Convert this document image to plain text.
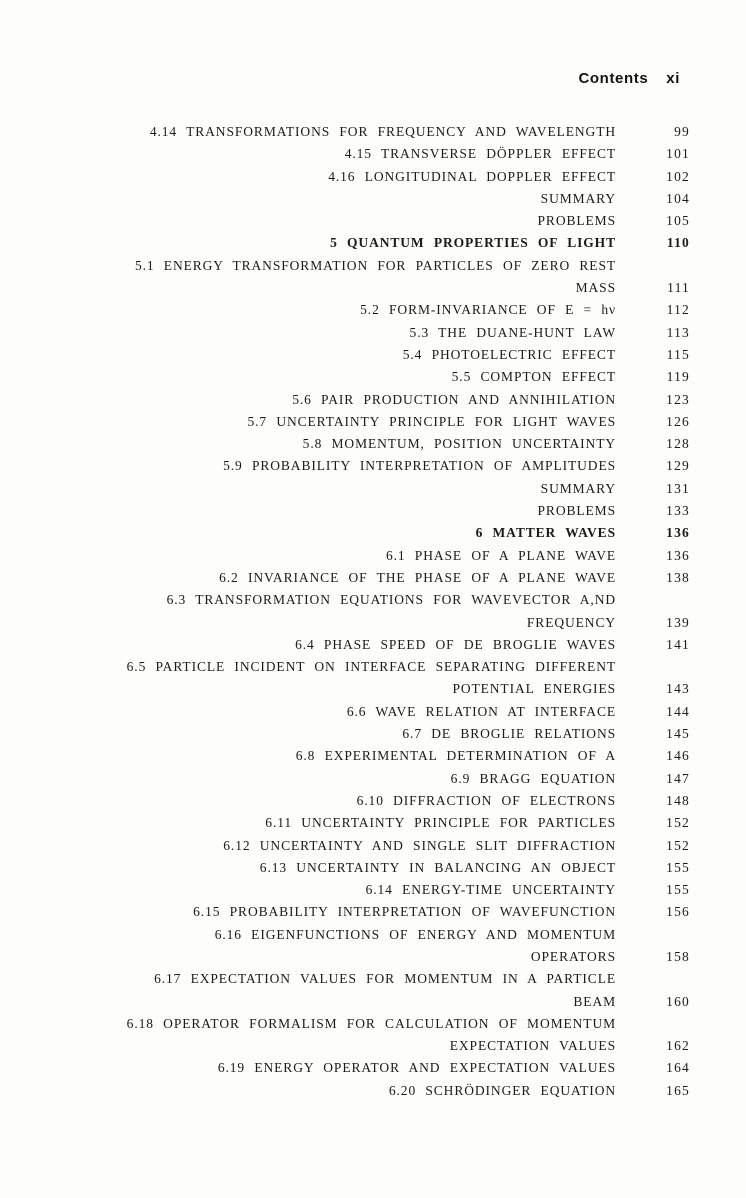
Contents xi
4.14 TRANSFORMATIONS FOR FREQUENCY AND WAVELENGTH	99
4.15 TRANSVERSE DÖPPLER EFFECT	101
4.16 LONGITUDINAL DOPPLER EFFECT	102
SUMMARY	104
PROBLEMS	105
5 QUANTUM PROPERTIES OF LIGHT	110
5.1 ENERGY TRANSFORMATION FOR PARTICLES OF ZERO REST
MASS	111
5.2 FORM-INVARIANCE OF E = hν	112
5.3 THE DUANE-HUNT LAW	113
5.4 PHOTOELECTRIC EFFECT	115
5.5 COMPTON EFFECT	119
5.6 PAIR PRODUCTION AND ANNIHILATION	123
5.7 UNCERTAINTY PRINCIPLE FOR LIGHT WAVES	126
5.8 MOMENTUM, POSITION UNCERTAINTY	128
5.9 PROBABILITY INTERPRETATION OF AMPLITUDES	129
SUMMARY	131
PROBLEMS	133
6 MATTER WAVES	136
6.1 PHASE OF A PLANE WAVE	136
6.2 INVARIANCE OF THE PHASE OF A PLANE WAVE	138
6.3 TRANSFORMATION EQUATIONS FOR WAVEVECTOR A,ND
FREQUENCY	139
6.4 PHASE SPEED OF DE BROGLIE WAVES	141
6.5 PARTICLE INCIDENT ON INTERFACE SEPARATING DIFFERENT
POTENTIAL ENERGIES	143
6.6 WAVE RELATION AT INTERFACE	144
6.7 DE BROGLIE RELATIONS	145
6.8 EXPERIMENTAL DETERMINATION OF A	146
6.9 BRAGG EQUATION	147
6.10 DIFFRACTION OF ELECTRONS	148
6.11 UNCERTAINTY PRINCIPLE FOR PARTICLES	152
6.12 UNCERTAINTY AND SINGLE SLIT DIFFRACTION	152
6.13 UNCERTAINTY IN BALANCING AN OBJECT	155
6.14 ENERGY-TIME UNCERTAINTY	155
6.15 PROBABILITY INTERPRETATION OF WAVEFUNCTION	156
6.16 EIGENFUNCTIONS OF ENERGY AND MOMENTUM
OPERATORS	158
6.17 EXPECTATION VALUES FOR MOMENTUM IN A PARTICLE
BEAM	160
6.18 OPERATOR FORMALISM FOR CALCULATION OF MOMENTUM
EXPECTATION VALUES	162
6.19 ENERGY OPERATOR AND EXPECTATION VALUES	164
6.20 SCHRÖDINGER EQUATION	165
